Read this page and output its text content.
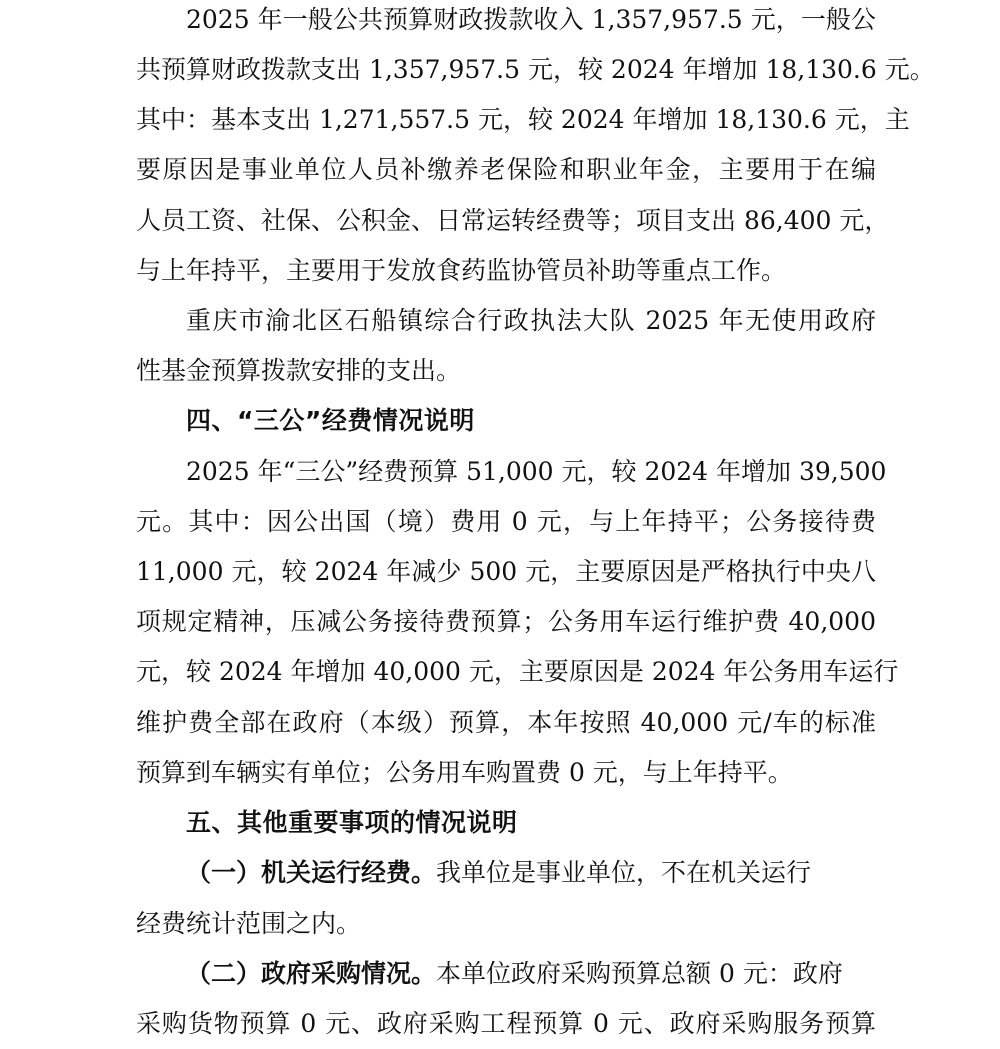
2025 年一般公共预算财政拨款收入 1,357,957.5 元，一般公
共预算财政拨款支出 1,357,957.5 元，较 2024 年增加 18,130.6 元。
其中：基本支出 1,271,557.5 元，较 2024 年增加 18,130.6 元，主
要原因是事业单位人员补缴养老保险和职业年金，主要用于在编
人员工资、社保、公积金、日常运转经费等；项目支出 86,400 元，
与上年持平，主要用于发放食药监协管员补助等重点工作。
重庆市渝北区石船镇综合行政执法大队 2025 年无使用政府
性基金预算拨款安排的支出。
四、“三公”经费情况说明
2025 年“三公”经费预算 51,000 元，较 2024 年增加 39,500
元。其中：因公出国（境）费用 0 元，与上年持平；公务接待费
11,000 元，较 2024 年减少 500 元，主要原因是严格执行中央八
项规定精神，压减公务接待费预算；公务用车运行维护费 40,000
元，较 2024 年增加 40,000 元，主要原因是 2024 年公务用车运行
维护费全部在政府（本级）预算，本年按照 40,000 元/车的标准
预算到车辆实有单位；公务用车购置费 0 元，与上年持平。
五、其他重要事项的情况说明
（一）机关运行经费。我单位是事业单位，不在机关运行
经费统计范围之内。
（二）政府采购情况。本单位政府采购预算总额 0 元：政府
采购货物预算 0 元、政府采购工程预算 0 元、政府采购服务预算
